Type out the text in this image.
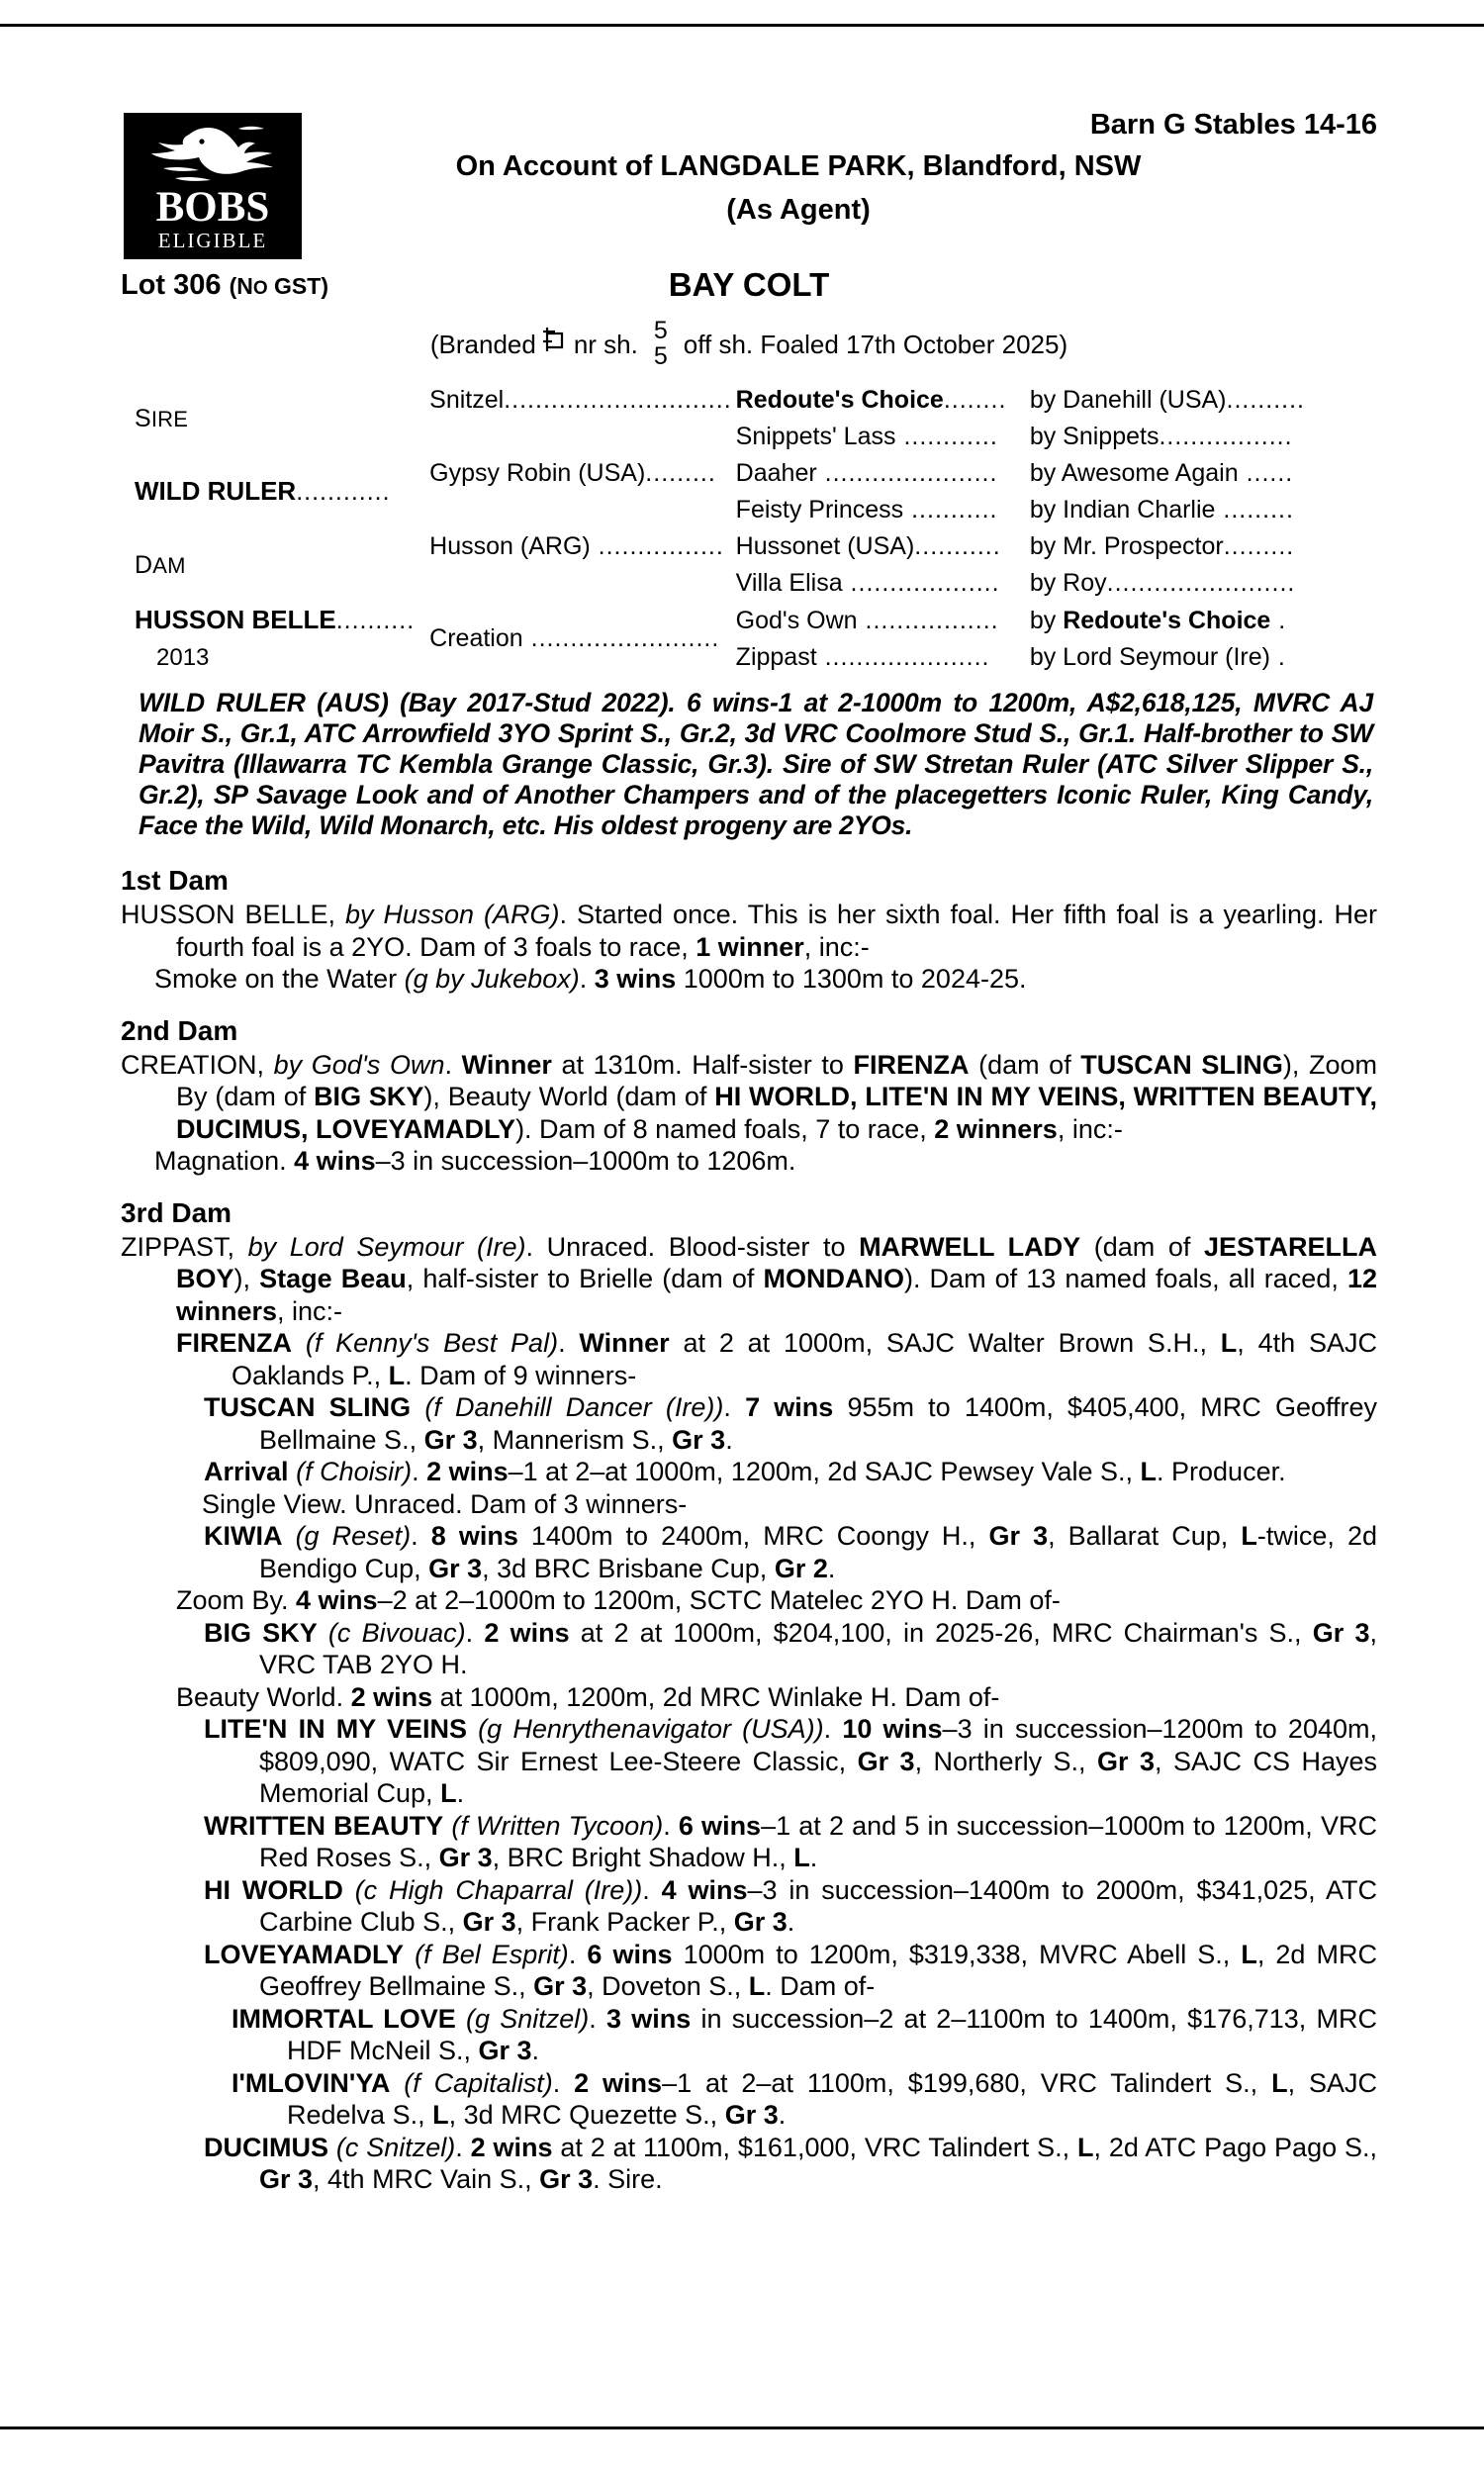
BOBS
ELIGIBLE
Barn G Stables 14-16
On Account of LANGDALE PARK, Blandford, NSW
(As Agent)
Lot 306 (NO GST)	BAY COLT
(Branded nr sh. 5
5 off sh. Foaled 17th October 2025)
SIRE	Snitzel.............................	Redoute's Choice........	by Danehill (USA)..........
		Snippets' Lass ............	by Snippets.................
WILD RULER............	Gypsy Robin (USA).........	Daaher ......................	by Awesome Again ......
		Feisty Princess ...........	by Indian Charlie .........
DAM	Husson (ARG) ................	Hussonet (USA)...........	by Mr. Prospector.........
		Villa Elisa ...................	by Roy........................
HUSSON BELLE..........	Creation ........................	God's Own .................	by Redoute's Choice .
2013		Zippast .....................	by Lord Seymour (Ire) .
WILD RULER (AUS) (Bay 2017-Stud 2022). 6 wins-1 at 2-1000m to 1200m, A$2,618,125, MVRC AJ Moir S., Gr.1, ATC Arrowfield 3YO Sprint S., Gr.2, 3d VRC Coolmore Stud S., Gr.1. Half-brother to SW Pavitra (Illawarra TC Kembla Grange Classic, Gr.3). Sire of SW Stretan Ruler (ATC Silver Slipper S., Gr.2), SP Savage Look and of Another Champers and of the placegetters Iconic Ruler, King Candy, Face the Wild, Wild Monarch, etc. His oldest progeny are 2YOs.
1st Dam

HUSSON BELLE, by Husson (ARG). Started once. This is her sixth foal. Her fifth foal is a yearling. Her fourth foal is a 2YO. Dam of 3 foals to race, 1 winner, inc:-

Smoke on the Water (g by Jukebox). 3 wins 1000m to 1300m to 2024-25.

2nd Dam

CREATION, by God's Own. Winner at 1310m. Half-sister to FIRENZA (dam of TUSCAN SLING), Zoom By (dam of BIG SKY), Beauty World (dam of HI WORLD, LITE'N IN MY VEINS, WRITTEN BEAUTY, DUCIMUS, LOVEYAMADLY). Dam of 8 named foals, 7 to race, 2 winners, inc:-

Magnation. 4 wins–3 in succession–1000m to 1206m.

3rd Dam

ZIPPAST, by Lord Seymour (Ire). Unraced. Blood-sister to MARWELL LADY (dam of JESTARELLA BOY), Stage Beau, half-sister to Brielle (dam of MONDANO). Dam of 13 named foals, all raced, 12 winners, inc:-

FIRENZA (f Kenny's Best Pal). Winner at 2 at 1000m, SAJC Walter Brown S.H., L, 4th SAJC Oaklands P., L. Dam of 9 winners-

TUSCAN SLING (f Danehill Dancer (Ire)). 7 wins 955m to 1400m, $405,400, MRC Geoffrey Bellmaine S., Gr 3, Mannerism S., Gr 3.

Arrival (f Choisir). 2 wins–1 at 2–at 1000m, 1200m, 2d SAJC Pewsey Vale S., L. Producer.

Single View. Unraced. Dam of 3 winners-

KIWIA (g Reset). 8 wins 1400m to 2400m, MRC Coongy H., Gr 3, Ballarat Cup, L-twice, 2d Bendigo Cup, Gr 3, 3d BRC Brisbane Cup, Gr 2.

Zoom By. 4 wins–2 at 2–1000m to 1200m, SCTC Matelec 2YO H. Dam of-

BIG SKY (c Bivouac). 2 wins at 2 at 1000m, $204,100, in 2025-26, MRC Chairman's S., Gr 3, VRC TAB 2YO H.

Beauty World. 2 wins at 1000m, 1200m, 2d MRC Winlake H. Dam of-

LITE'N IN MY VEINS (g Henrythenavigator (USA)). 10 wins–3 in succession–1200m to 2040m, $809,090, WATC Sir Ernest Lee-Steere Classic, Gr 3, Northerly S., Gr 3, SAJC CS Hayes Memorial Cup, L.

WRITTEN BEAUTY (f Written Tycoon). 6 wins–1 at 2 and 5 in succession–1000m to 1200m, VRC Red Roses S., Gr 3, BRC Bright Shadow H., L.

HI WORLD (c High Chaparral (Ire)). 4 wins–3 in succession–1400m to 2000m, $341,025, ATC Carbine Club S., Gr 3, Frank Packer P., Gr 3.

LOVEYAMADLY (f Bel Esprit). 6 wins 1000m to 1200m, $319,338, MVRC Abell S., L, 2d MRC Geoffrey Bellmaine S., Gr 3, Doveton S., L. Dam of-

IMMORTAL LOVE (g Snitzel). 3 wins in succession–2 at 2–1100m to 1400m, $176,713, MRC HDF McNeil S., Gr 3.

I'MLOVIN'YA (f Capitalist). 2 wins–1 at 2–at 1100m, $199,680, VRC Talindert S., L, SAJC Redelva S., L, 3d MRC Quezette S., Gr 3.

DUCIMUS (c Snitzel). 2 wins at 2 at 1100m, $161,000, VRC Talindert S., L, 2d ATC Pago Pago S., Gr 3, 4th MRC Vain S., Gr 3. Sire.
